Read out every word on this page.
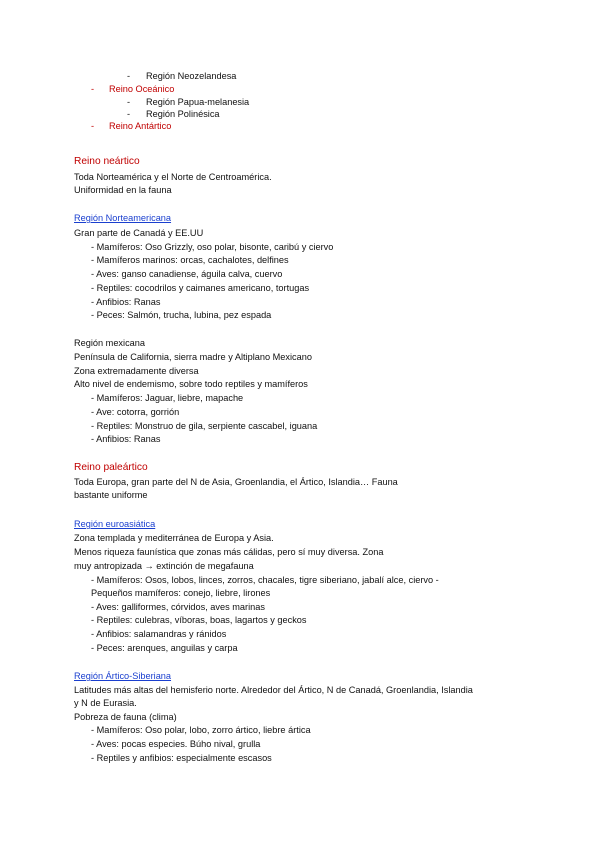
- Región Neozelandesa
- Reino Oceánico
- Región Papua-melanesia
- Región Polinésica
- Reino Antártico
Reino neártico
Toda Norteamérica y el Norte de Centroamérica.
Uniformidad en la fauna
Región Norteamericana
Gran parte de Canadá y EE.UU
- Mamíferos: Oso Grizzly, oso polar, bisonte, caribú y ciervo
- Mamíferos marinos: orcas, cachalotes, delfines
- Aves: ganso canadiense, águila calva, cuervo
- Reptiles: cocodrilos y caimanes americano, tortugas
- Anfibios: Ranas
- Peces: Salmón, trucha, lubina, pez espada
Región mexicana
Península de California, sierra madre y Altiplano Mexicano
Zona extremadamente diversa
Alto nivel de endemismo, sobre todo reptiles y mamíferos
- Mamíferos: Jaguar, liebre, mapache
- Ave: cotorra, gorrión
- Reptiles: Monstruo de gila, serpiente cascabel, iguana
- Anfibios: Ranas
Reino paleártico
Toda Europa, gran parte del N de Asia, Groenlandia, el Ártico, Islandia… Fauna
bastante uniforme
Región euroasiática
Zona templada y mediterránea de Europa y Asia.
Menos riqueza faunística que zonas más cálidas, pero sí muy diversa. Zona
muy antropizada → extinción de megafauna
- Mamíferos: Osos, lobos, linces, zorros, chacales, tigre siberiano, jabalí alce, ciervo -
Pequeños mamíferos: conejo, liebre, lirones
- Aves: galliformes, córvidos, aves marinas
- Reptiles: culebras, víboras, boas, lagartos y geckos
- Anfibios: salamandras y ránidos
- Peces: arenques, anguilas y carpa
Región Ártico-Siberiana
Latitudes más altas del hemisferio norte. Alrededor del Ártico, N de Canadá, Groenlandia, Islandia
y N de Eurasia.
Pobreza de fauna (clima)
- Mamíferos: Oso polar, lobo, zorro ártico, liebre ártica
- Aves: pocas especies. Búho nival, grulla
- Reptiles y anfibios: especialmente escasos
